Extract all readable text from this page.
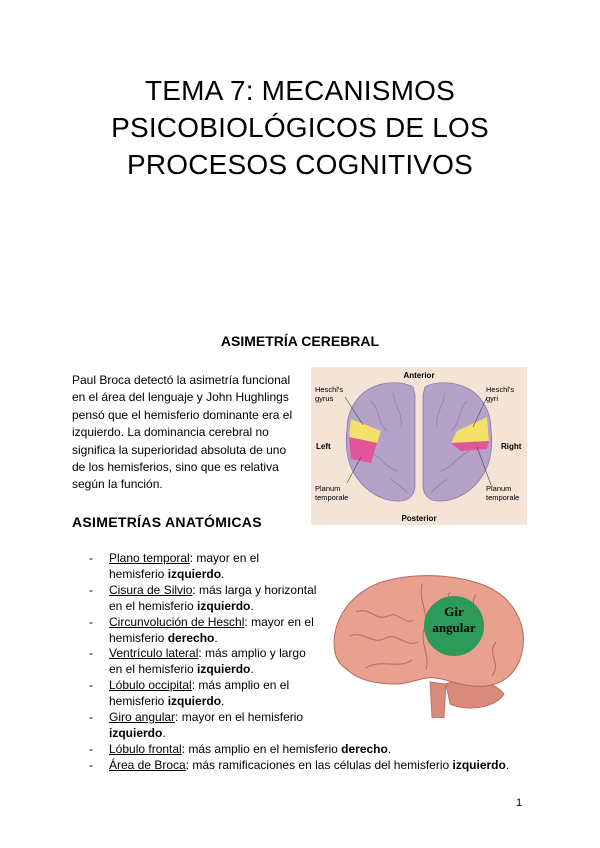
TEMA 7: MECANISMOS
PSICOBIOLÓGICOS DE LOS
PROCESOS COGNITIVOS
ASIMETRÍA CEREBRAL
Paul Broca detectó la asimetría funcional
en el área del lenguaje y John Hughlings
pensó que el hemisferio dominante era el
izquierdo. La dominancia cerebral no
significa la superioridad absoluta de uno
de los hemisferios, sino que es relativa
según la función.
Anterior
Posterior
Left	Right
Heschl's
gyrus
Heschl's
gyri
Planum
temporale
Planum
temporale
ASIMETRÍAS ANATÓMICAS
- Plano temporal: mayor en el
hemisferio izquierdo.
- Cisura de Silvio: más larga y horizontal
en el hemisferio izquierdo.
- Circunvolución de Heschl: mayor en el
hemisferio derecho.
- Ventrículo lateral: más amplio y largo
en el hemisferio izquierdo.
- Lóbulo occipital: más amplio en el
hemisferio izquierdo.
- Giro angular: mayor en el hemisferio
izquierdo.
- Lóbulo frontal: más amplio en el hemisferio derecho.
- Área de Broca: más ramificaciones en las células del hemisferio izquierdo.
Gir
angular
1
